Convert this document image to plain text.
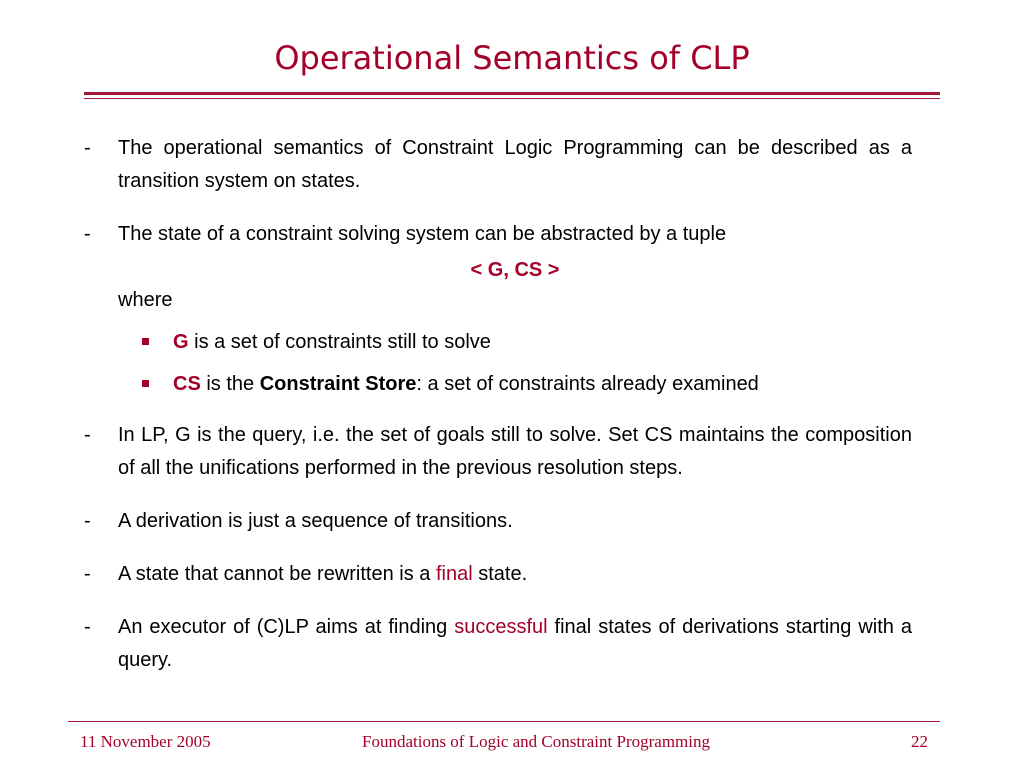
Operational Semantics of CLP
- The operational semantics of Constraint Logic Programming can be described as a transition system on states.
- The state of a constraint solving system can be abstracted by a tuple
< G, CS >
where
G is a set of constraints still to solve
CS is the Constraint Store: a set of constraints already examined
- In LP, G is the query, i.e. the set of goals still to solve. Set CS maintains the composition of all the unifications performed in the previous resolution steps.
- A derivation is just a sequence of transitions.
- A state that cannot be rewritten is a final state.
- An executor of (C)LP aims at finding successful final states of derivations starting with a query.
11 November 2005	Foundations of Logic and Constraint Programming	22
